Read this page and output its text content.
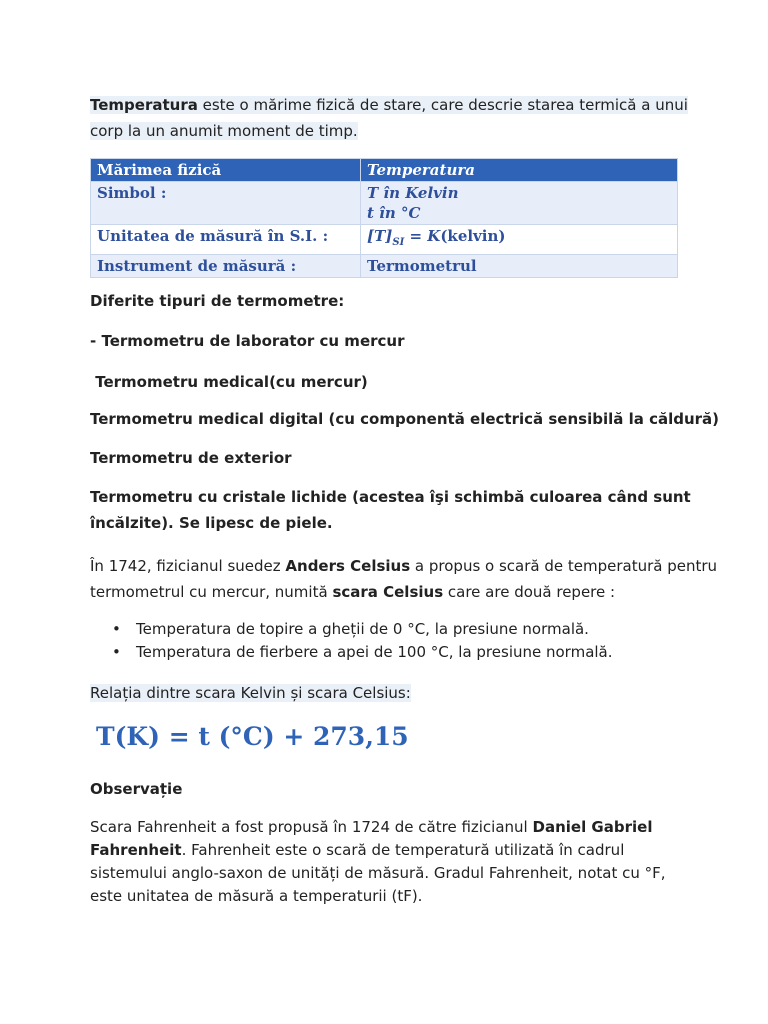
Temperatura este o mărime fizică de stare, care descrie starea termică a unui
corp la un anumit moment de timp.
Mărimea fizică	Temperatura
Simbol :	T în Kelvin
t în °C
Unitatea de măsură în S.I. :	$[T]_{SI}$ = K(kelvin)
Instrument de măsură :	Termometrul
Diferite tipuri de termometre:
- Termometru de laborator cu mercur
Termometru medical(cu mercur)
Termometru medical digital (cu componentă electrică sensibilă la căldură)
Termometru de exterior
Termometru cu cristale lichide (acestea îşi schimbă culoarea când sunt
încălzite). Se lipesc de piele.
În 1742, fizicianul suedez Anders Celsius a propus o scară de temperatură pentru
termometrul cu mercur, numită scara Celsius care are două repere :
• Temperatura de topire a gheții de 0 °C, la presiune normală.
• Temperatura de fierbere a apei de 100 °C, la presiune normală.
Relația dintre scara Kelvin și scara Celsius:
T(K) = t (°C) + 273,15
Observație
Scara Fahrenheit a fost propusă în 1724 de către fizicianul Daniel Gabriel Fahrenheit. Fahrenheit este o scară de temperatură utilizată în cadrul sistemului anglo-saxon de unități de măsură. Gradul Fahrenheit, notat cu °F, este unitatea de măsură a temperaturii (tF).
